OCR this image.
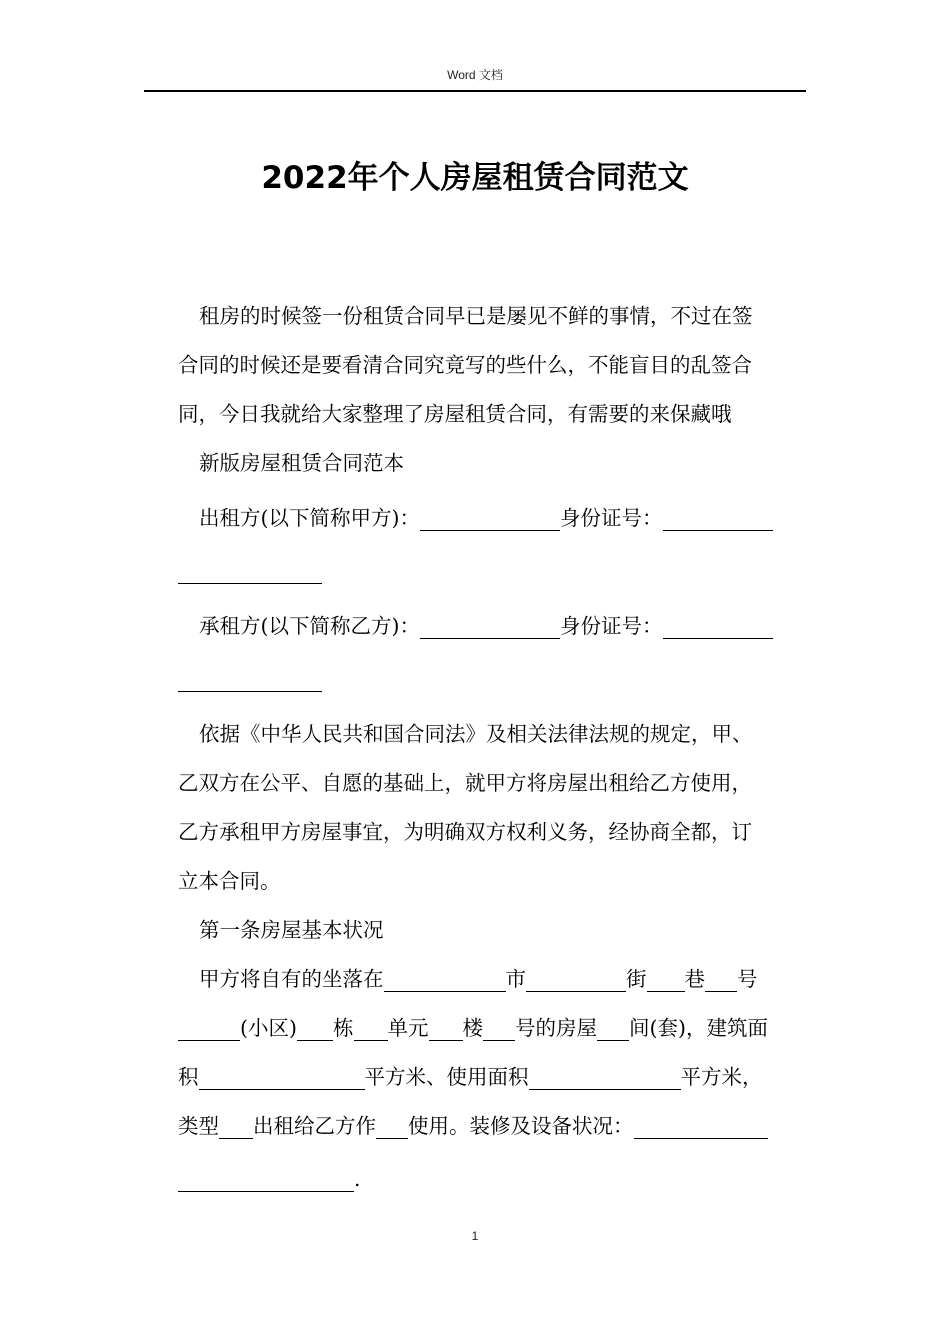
Word 文档
2022年个人房屋租赁合同范文

租房的时候签一份租赁合同早已是屡见不鲜的事情，不过在签

合同的时候还是要看清合同究竟写的些什么，不能盲目的乱签合

同，今日我就给大家整理了房屋租赁合同，有需要的来保藏哦

新版房屋租赁合同范本

出租方(以下简称甲方)：	身份证号：

承租方(以下简称乙方)：	身份证号：

依据《中华人民共和国合同法》及相关法律法规的规定，甲、

乙双方在公平、自愿的基础上，就甲方将房屋出租给乙方使用，

乙方承租甲方房屋事宜，为明确双方权利义务，经协商全都，订

立本合同。

第一条房屋基本状况

甲方将自有的坐落在	市	街 巷 号

(小区) 栋 单元 楼 号的房屋 间(套)，建筑面

积	平方米、使用面积	平方米，

类型 出租给乙方作 使用。装修及设备状况：

.

1
